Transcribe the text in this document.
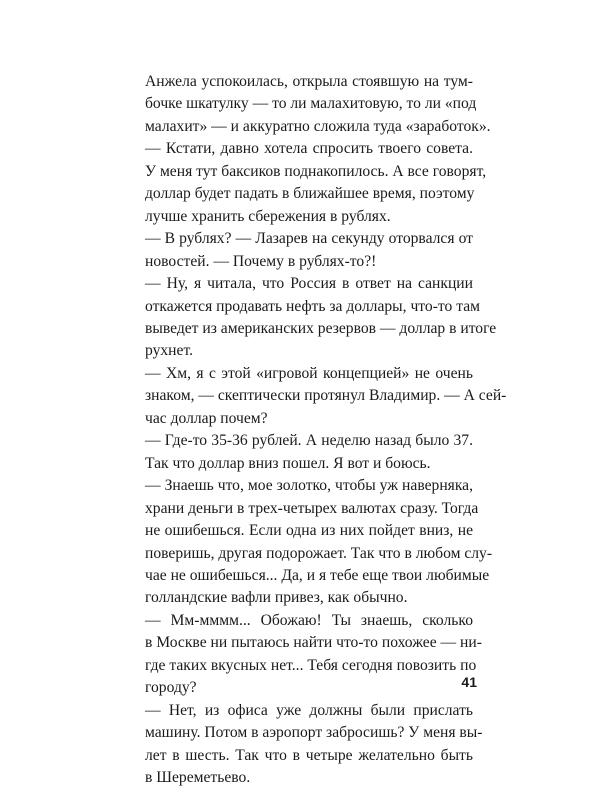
Анжела успокоилась, открыла стоявшую на тум-
бочке шкатулку — то ли малахитовую, то ли «под
малахит» — и аккуратно сложила туда «заработок».

— Кстати, давно хотела спросить твоего совета.
У меня тут баксиков поднакопилось. А все говорят,
доллар будет падать в ближайшее время, поэтому
лучше хранить сбережения в рублях.

— В рублях? — Лазарев на секунду оторвался от
новостей. — Почему в рублях-то?!

— Ну, я читала, что Россия в ответ на санкции
откажется продавать нефть за доллары, что-то там
выведет из американских резервов — доллар в итоге
рухнет.

— Хм, я с этой «игровой концепцией» не очень
знаком, — скептически протянул Владимир. — А сей-
час доллар почем?

— Где-то 35-36 рублей. А неделю назад было 37.
Так что доллар вниз пошел. Я вот и боюсь.

— Знаешь что, мое золотко, чтобы уж наверняка,
храни деньги в трех-четырех валютах сразу. Тогда
не ошибешься. Если одна из них пойдет вниз, не
поверишь, другая подорожает. Так что в любом слу-
чае не ошибешься... Да, и я тебе еще твои любимые
голландские вафли привез, как обычно.

— Мм-мммм... Обожаю! Ты знаешь, сколько
в Москве ни пытаюсь найти что-то похожее — ни-
где таких вкусных нет... Тебя сегодня повозить по
городу?

— Нет, из офиса уже должны были прислать
машину. Потом в аэропорт забросишь? У меня вы-
лет в шесть. Так что в четыре желательно быть
в Шереметьево.

41
